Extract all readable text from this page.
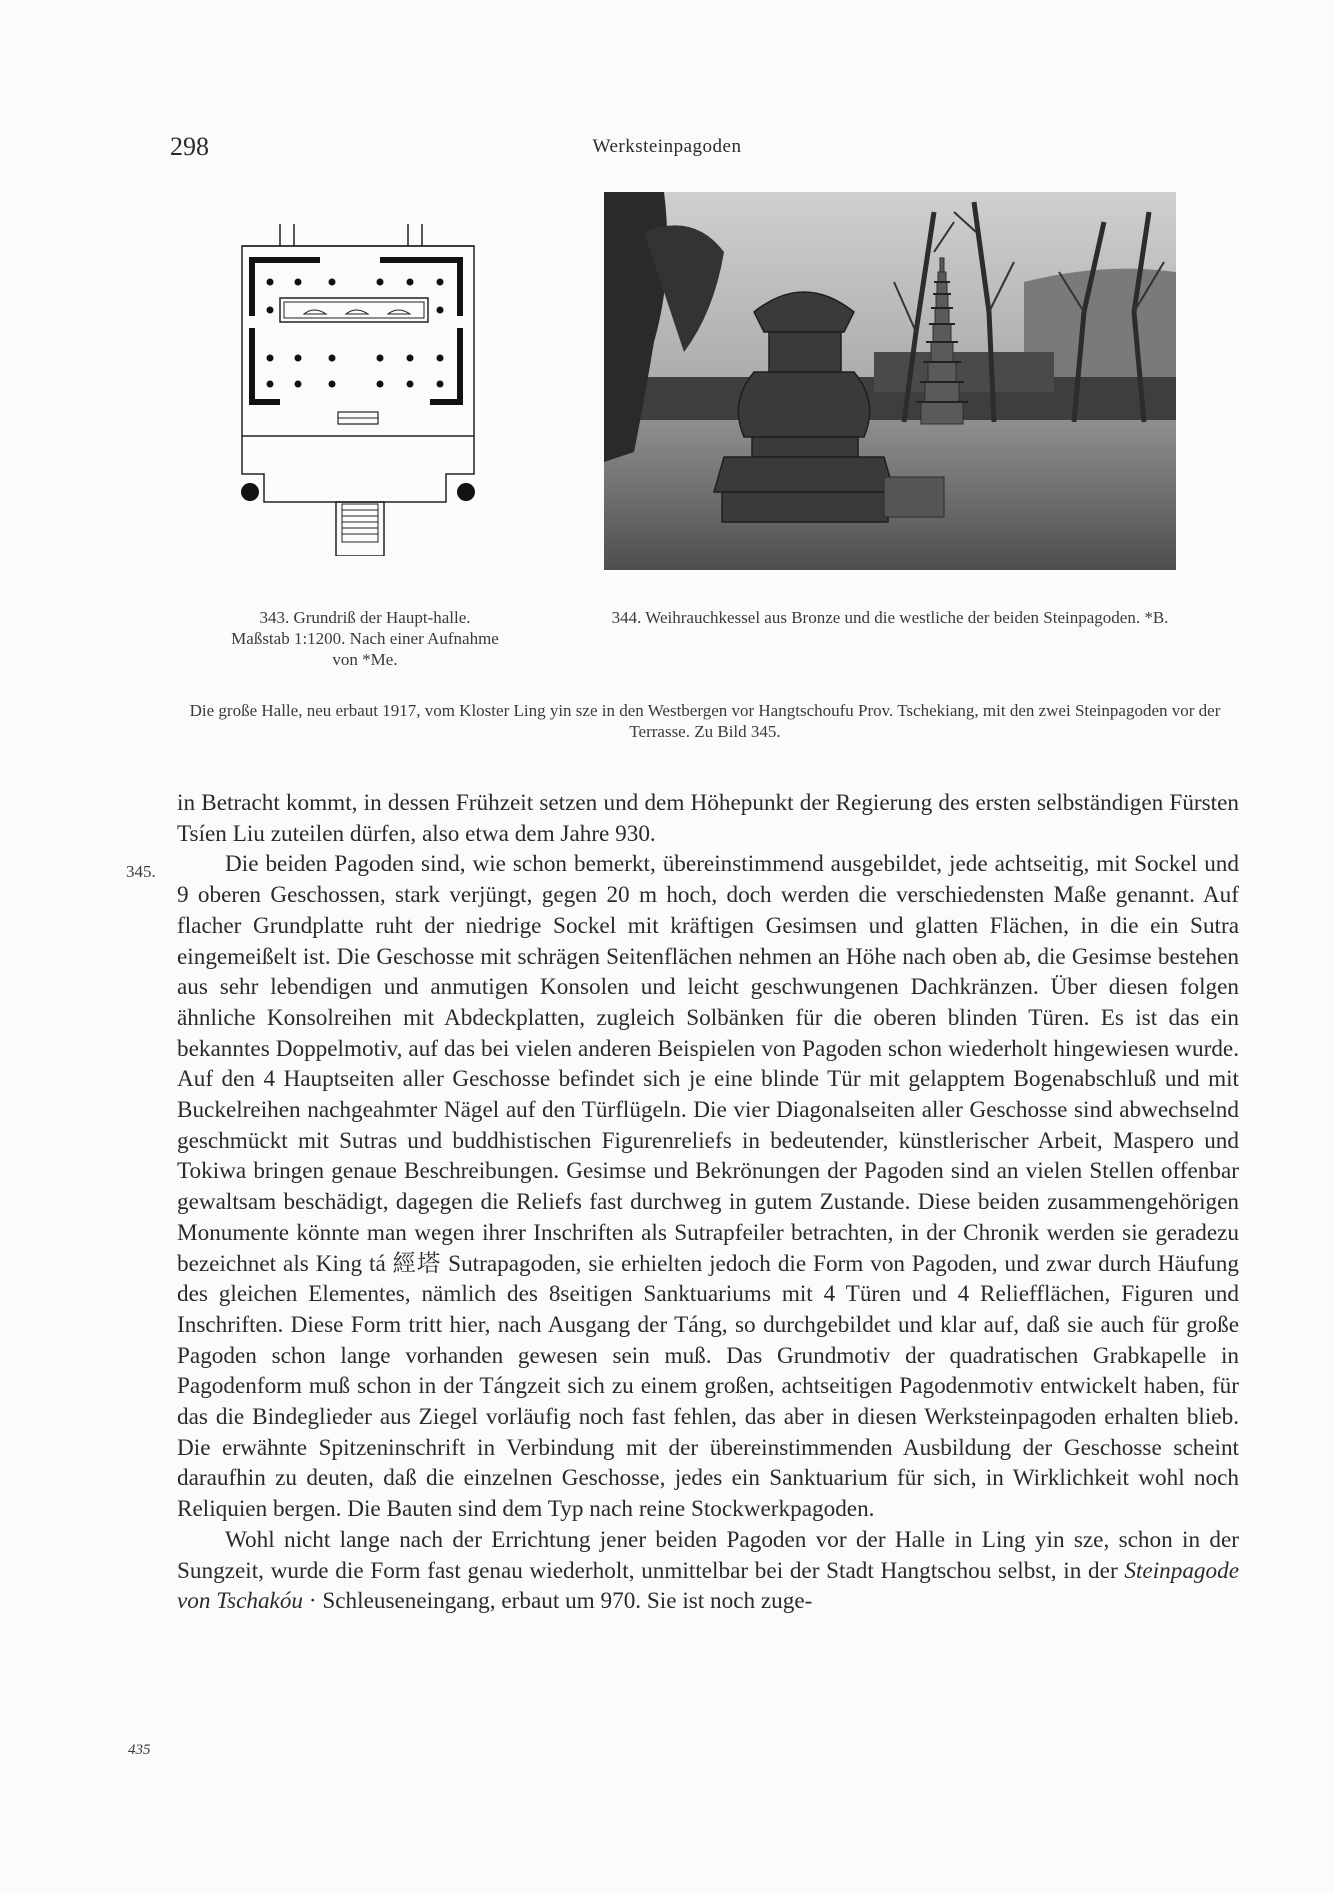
298	Werksteinpagoden
343. Grundriß der Haupt-halle. Maßstab 1:1200. Nach einer Aufnahme von *Me.
344. Weihrauchkessel aus Bronze und die westliche der beiden Steinpagoden. *B.
Die große Halle, neu erbaut 1917, vom Kloster Ling yin sze in den Westbergen vor Hangtschoufu Prov. Tschekiang, mit den zwei Steinpagoden vor der Terrasse. Zu Bild 345.
345.
435

in Betracht kommt, in dessen Frühzeit setzen und dem Höhepunkt der Regierung des ersten selbständigen Fürsten Tsíen Liu zuteilen dürfen, also etwa dem Jahre 930.

Die beiden Pagoden sind, wie schon bemerkt, übereinstimmend ausgebildet, jede achtseitig, mit Sockel und 9 oberen Geschossen, stark verjüngt, gegen 20 m hoch, doch werden die verschiedensten Maße genannt. Auf flacher Grundplatte ruht der niedrige Sockel mit kräftigen Gesimsen und glatten Flächen, in die ein Sutra eingemeißelt ist. Die Geschosse mit schrägen Seitenflächen nehmen an Höhe nach oben ab, die Gesimse bestehen aus sehr lebendigen und anmutigen Konsolen und leicht geschwungenen Dachkränzen. Über diesen folgen ähnliche Konsolreihen mit Abdeckplatten, zugleich Solbänken für die oberen blinden Türen. Es ist das ein bekanntes Doppelmotiv, auf das bei vielen anderen Beispielen von Pagoden schon wiederholt hingewiesen wurde. Auf den 4 Hauptseiten aller Geschosse befindet sich je eine blinde Tür mit gelapptem Bogenabschluß und mit Buckelreihen nachgeahmter Nägel auf den Türflügeln. Die vier Diagonalseiten aller Geschosse sind abwechselnd geschmückt mit Sutras und buddhistischen Figurenreliefs in bedeutender, künstlerischer Arbeit, Maspero und Tokiwa bringen genaue Beschreibungen. Gesimse und Bekrönungen der Pagoden sind an vielen Stellen offenbar gewaltsam beschädigt, dagegen die Reliefs fast durchweg in gutem Zustande. Diese beiden zusammengehörigen Monumente könnte man wegen ihrer Inschriften als Sutrapfeiler betrachten, in der Chronik werden sie geradezu bezeichnet als King tá 經塔 Sutrapagoden, sie erhielten jedoch die Form von Pagoden, und zwar durch Häufung des gleichen Elementes, nämlich des 8seitigen Sanktuariums mit 4 Türen und 4 Reliefflächen, Figuren und Inschriften. Diese Form tritt hier, nach Ausgang der Táng, so durchgebildet und klar auf, daß sie auch für große Pagoden schon lange vorhanden gewesen sein muß. Das Grundmotiv der quadratischen Grabkapelle in Pagodenform muß schon in der Tángzeit sich zu einem großen, achtseitigen Pagodenmotiv entwickelt haben, für das die Bindeglieder aus Ziegel vorläufig noch fast fehlen, das aber in diesen Werksteinpagoden erhalten blieb. Die erwähnte Spitzeninschrift in Verbindung mit der übereinstimmenden Ausbildung der Geschosse scheint daraufhin zu deuten, daß die einzelnen Geschosse, jedes ein Sanktuarium für sich, in Wirklichkeit wohl noch Reliquien bergen. Die Bauten sind dem Typ nach reine Stockwerkpagoden.

Wohl nicht lange nach der Errichtung jener beiden Pagoden vor der Halle in Ling yin sze, schon in der Sungzeit, wurde die Form fast genau wiederholt, unmittelbar bei der Stadt Hangtschou selbst, in der Steinpagode von Tschakóu · Schleuseneingang, erbaut um 970. Sie ist noch zuge-
